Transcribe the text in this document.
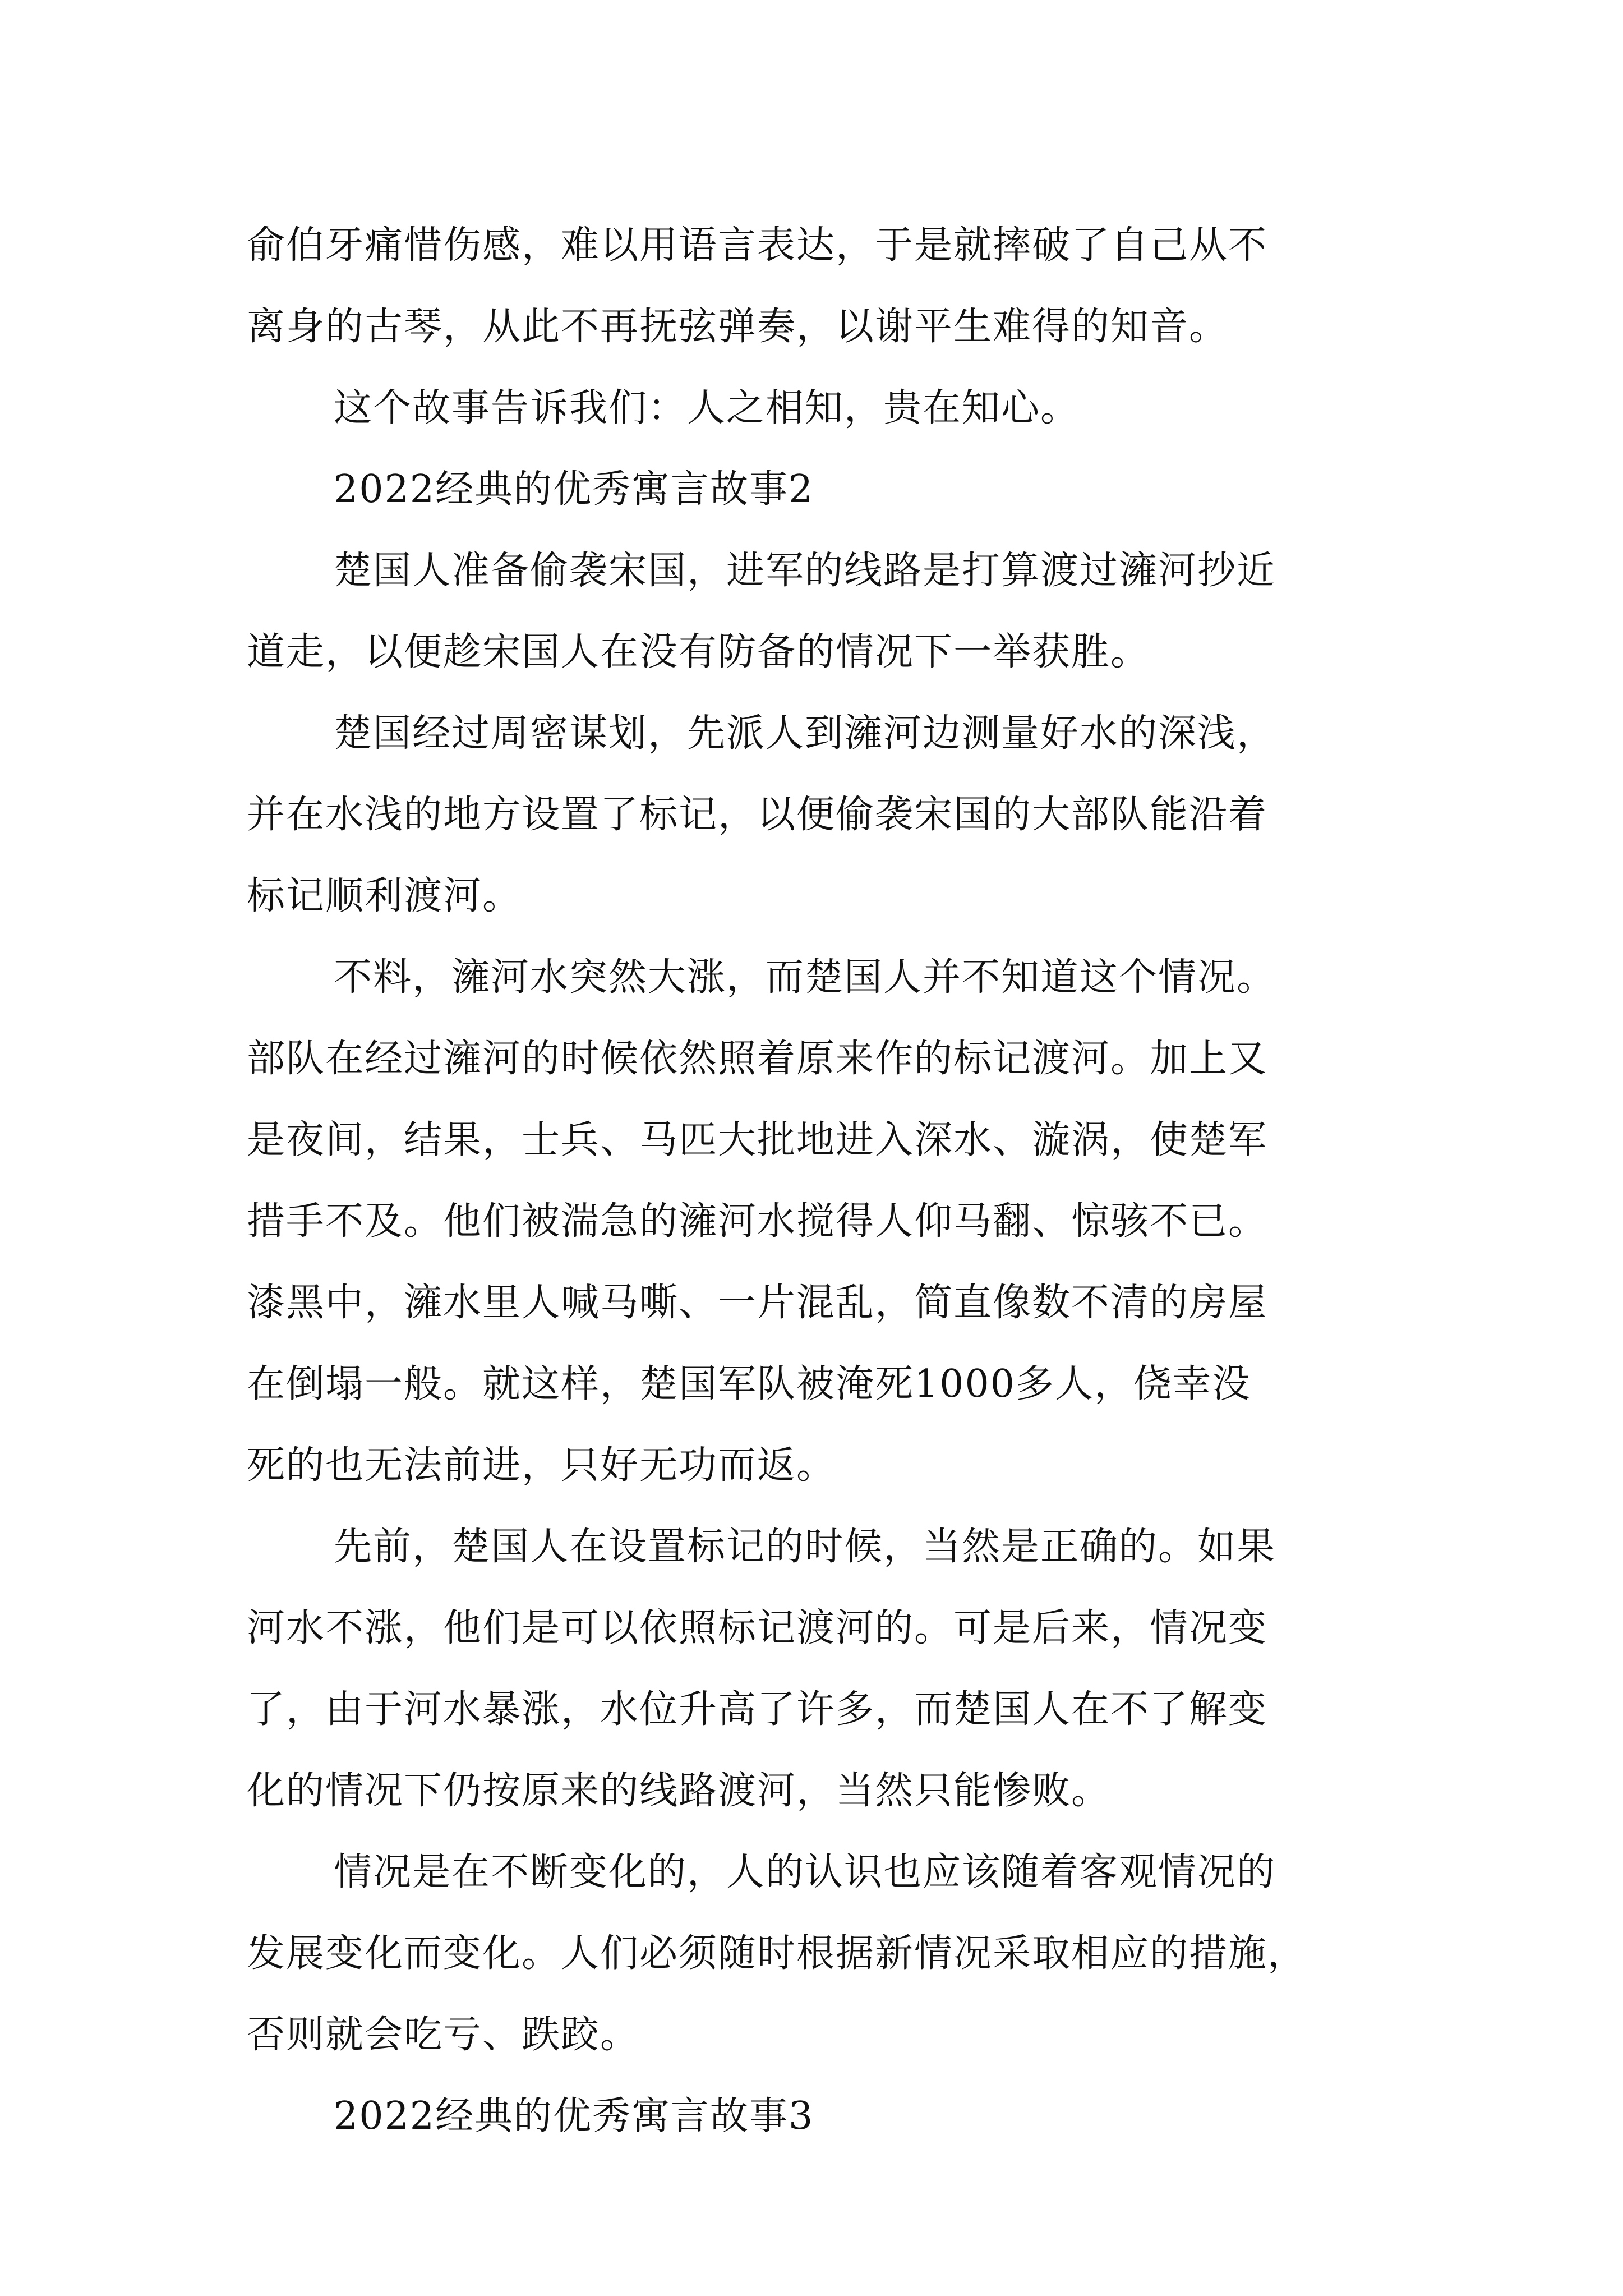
俞伯牙痛惜伤感，难以用语言表达，于是就摔破了自己从不
离身的古琴，从此不再抚弦弹奏，以谢平生难得的知音。

这个故事告诉我们：人之相知，贵在知心。

2022经典的优秀寓言故事2

楚国人准备偷袭宋国，进军的线路是打算渡过澭河抄近
道走，以便趁宋国人在没有防备的情况下一举获胜。

楚国经过周密谋划，先派人到澭河边测量好水的深浅，
并在水浅的地方设置了标记，以便偷袭宋国的大部队能沿着
标记顺利渡河。

不料，澭河水突然大涨，而楚国人并不知道这个情况。
部队在经过澭河的时候依然照着原来作的标记渡河。加上又
是夜间，结果，士兵、马匹大批地进入深水、漩涡，使楚军
措手不及。他们被湍急的澭河水搅得人仰马翻、惊骇不已。
漆黑中，澭水里人喊马嘶、一片混乱，简直像数不清的房屋
在倒塌一般。就这样，楚国军队被淹死1000多人，侥幸没
死的也无法前进，只好无功而返。

先前，楚国人在设置标记的时候，当然是正确的。如果
河水不涨，他们是可以依照标记渡河的。可是后来，情况变
了，由于河水暴涨，水位升高了许多，而楚国人在不了解变
化的情况下仍按原来的线路渡河，当然只能惨败。

情况是在不断变化的，人的认识也应该随着客观情况的
发展变化而变化。人们必须随时根据新情况采取相应的措施，
否则就会吃亏、跌跤。

2022经典的优秀寓言故事3
